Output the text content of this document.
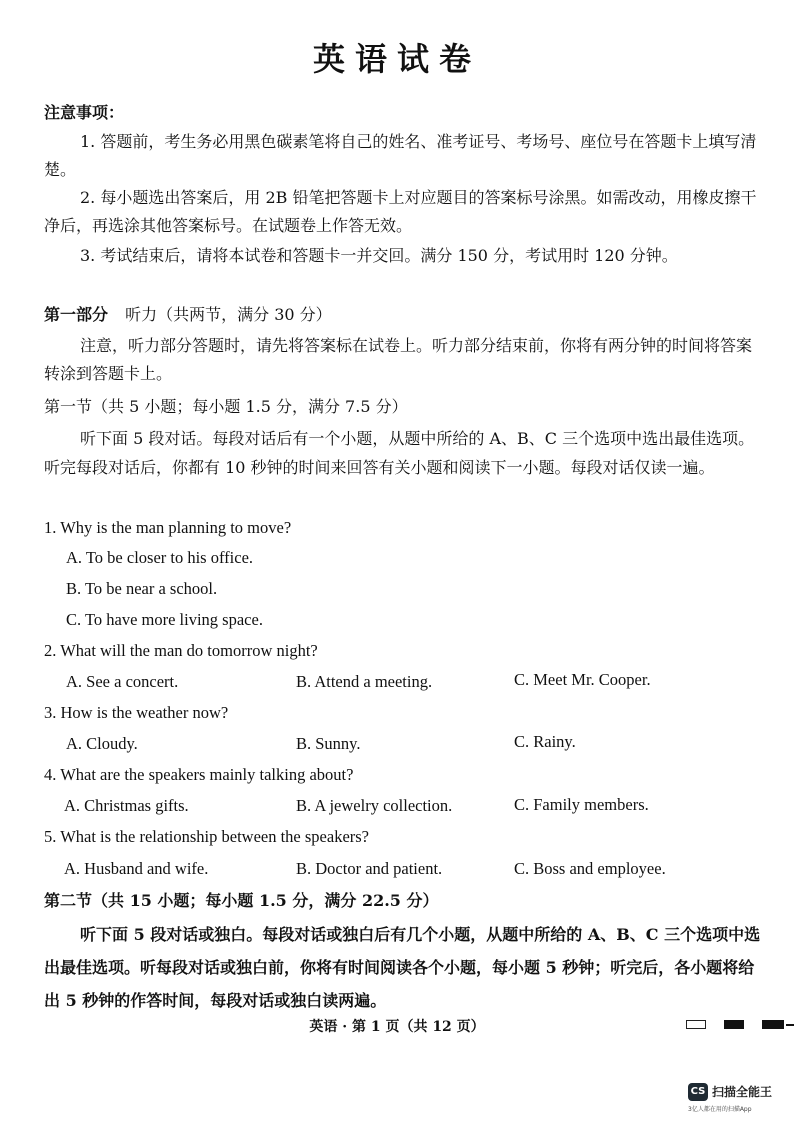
英语试卷
注意事项：

1. 答题前，考生务必用黑色碳素笔将自己的姓名、准考证号、考场号、座位号在答题卡上填写清楚。

2. 每小题选出答案后，用 2B 铅笔把答题卡上对应题目的答案标号涂黑。如需改动，用橡皮擦干净后，再选涂其他答案标号。在试题卷上作答无效。

3. 考试结束后，请将本试卷和答题卡一并交回。满分 150 分，考试用时 120 分钟。

第一部分 听力（共两节，满分 30 分）

注意，听力部分答题时，请先将答案标在试卷上。听力部分结束前，你将有两分钟的时间将答案转涂到答题卡上。

第一节（共 5 小题；每小题 1.5 分，满分 7.5 分）

听下面 5 段对话。每段对话后有一个小题，从题中所给的 A、B、C 三个选项中选出最佳选项。听完每段对话后，你都有 10 秒钟的时间来回答有关小题和阅读下一小题。每段对话仅读一遍。

1. Why is the man planning to move?
A. To be closer to his office.
B. To be near a school.
C. To have more living space.
2. What will the man do tomorrow night?
A. See a concert.	B. Attend a meeting.	C. Meet Mr. Cooper.
3. How is the weather now?
A. Cloudy.	B. Sunny.	C. Rainy.
4. What are the speakers mainly talking about?
A. Christmas gifts.	B. A jewelry collection.	C. Family members.
5. What is the relationship between the speakers?
A. Husband and wife.	B. Doctor and patient.	C. Boss and employee.
第二节（共 15 小题；每小题 1.5 分，满分 22.5 分）

听下面 5 段对话或独白。每段对话或独白后有几个小题，从题中所给的 A、B、C 三个选项中选出最佳选项。听每段对话或独白前，你将有时间阅读各个小题，每小题 5 秒钟；听完后，各小题将给出 5 秒钟的作答时间，每段对话或独白读两遍。

英语 · 第 1 页（共 12 页）
CS 扫描全能王
3亿人都在用的扫描App
